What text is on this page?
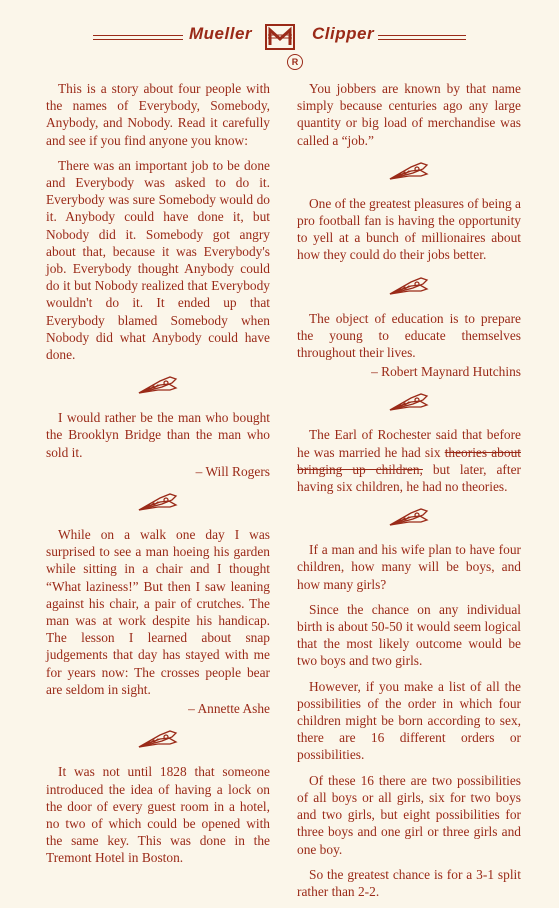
Mueller	Clipper
R

This is a story about four people with the names of Everybody, Somebody, Anybody, and Nobody. Read it carefully and see if you find anyone you know:

There was an important job to be done and Everybody was asked to do it. Everybody was sure Somebody would do it. Anybody could have done it, but Nobody did it. Somebody got angry about that, because it was Everybody's job. Everybody thought Anybody could do it but Nobody realized that Everybody wouldn't do it. It ended up that Everybody blamed Somebody when Nobody did what Anybody could have done.

I would rather be the man who bought the Brooklyn Bridge than the man who sold it.

– Will Rogers

While on a walk one day I was surprised to see a man hoeing his garden while sitting in a chair and I thought “What laziness!” But then I saw leaning against his chair, a pair of crutches. The man was at work despite his handicap. The lesson I learned about snap judgements that day has stayed with me for years now: The crosses people bear are seldom in sight.

– Annette Ashe

It was not until 1828 that someone introduced the idea of having a lock on the door of every guest room in a hotel, no two of which could be opened with the same key. This was done in the Tremont Hotel in Boston.

You jobbers are known by that name simply because centuries ago any large quantity or big load of merchandise was called a “job.”

One of the greatest pleasures of being a pro football fan is having the opportunity to yell at a bunch of millionaires about how they could do their jobs better.

The object of education is to prepare the young to educate themselves throughout their lives.

– Robert Maynard Hutchins

The Earl of Rochester said that before he was married he had six theories about bringing up children, but later, after having six children, he had no theories.

If a man and his wife plan to have four children, how many will be boys, and how many girls?

Since the chance on any individual birth is about 50-50 it would seem logical that the most likely outcome would be two boys and two girls.

However, if you make a list of all the possibilities of the order in which four children might be born according to sex, there are 16 different orders or possibilities.

Of these 16 there are two possibilities of all boys or all girls, six for two boys and two girls, but eight possibilities for three boys and one girl or three girls and one boy.

So the greatest chance is for a 3-1 split rather than 2-2.
